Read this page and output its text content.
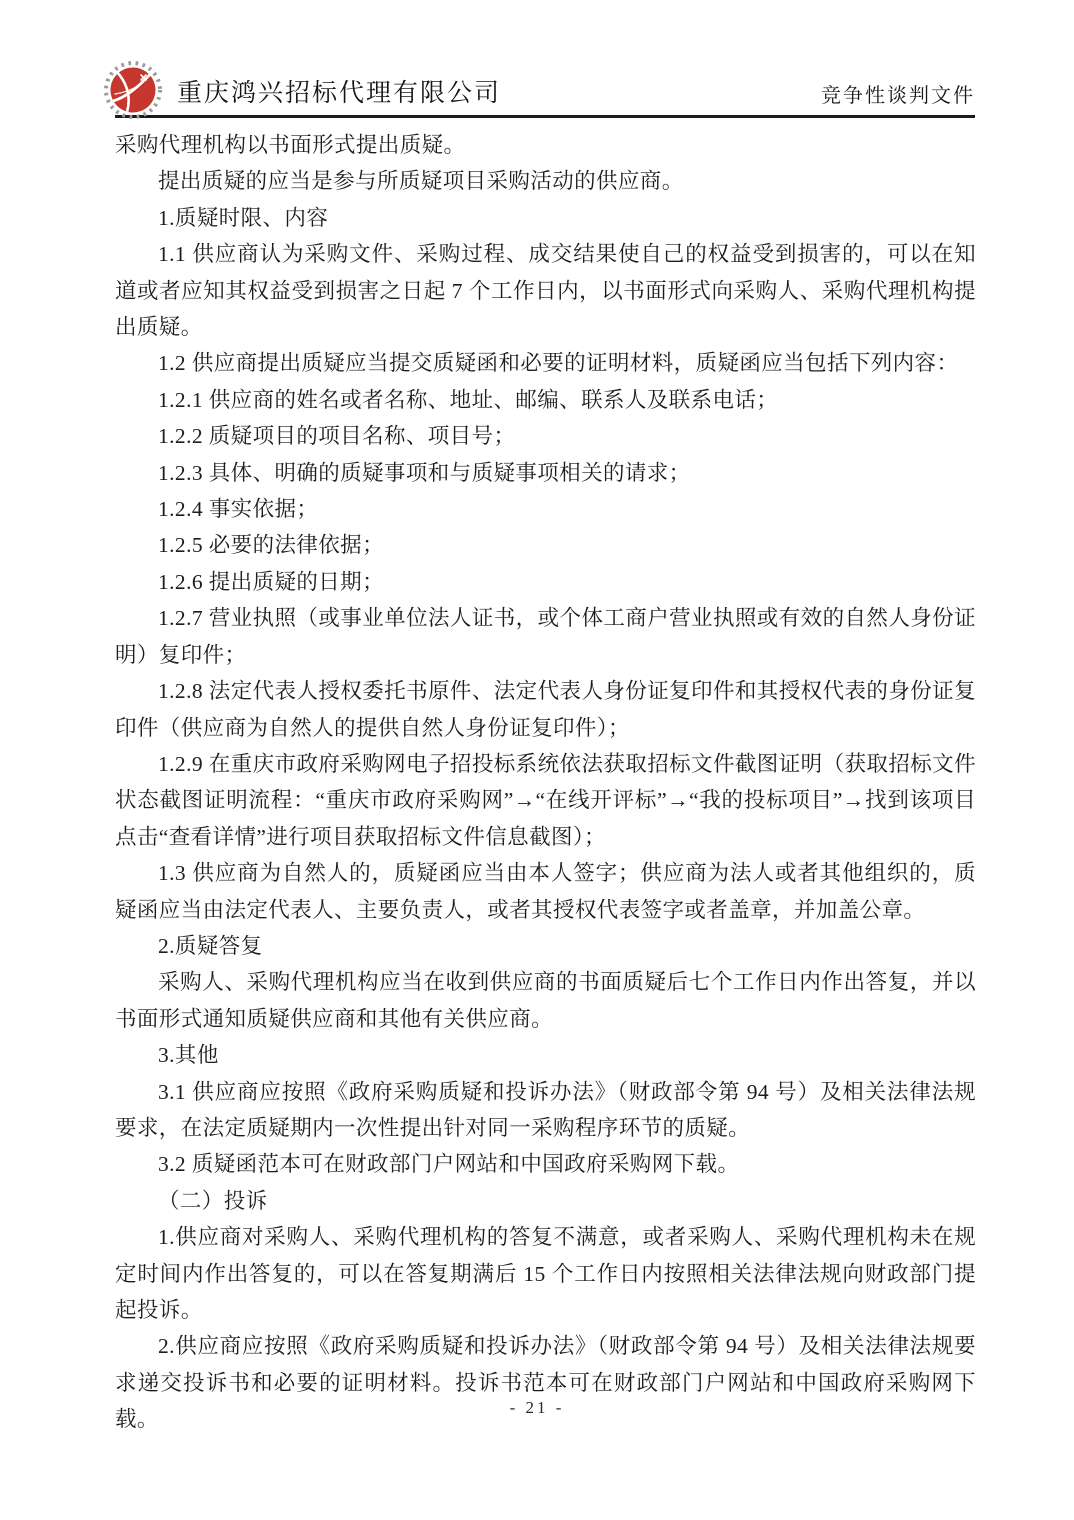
重庆鸿兴招标代理有限公司	竞争性谈判文件

采购代理机构以书面形式提出质疑。

提出质疑的应当是参与所质疑项目采购活动的供应商。

1.质疑时限、内容

1.1 供应商认为采购文件、采购过程、成交结果使自己的权益受到损害的，可以在知道或者应知其权益受到损害之日起 7 个工作日内，以书面形式向采购人、采购代理机构提出质疑。

1.2 供应商提出质疑应当提交质疑函和必要的证明材料，质疑函应当包括下列内容：

1.2.1 供应商的姓名或者名称、地址、邮编、联系人及联系电话；

1.2.2 质疑项目的项目名称、项目号；

1.2.3 具体、明确的质疑事项和与质疑事项相关的请求；

1.2.4 事实依据；

1.2.5 必要的法律依据；

1.2.6 提出质疑的日期；

1.2.7 营业执照（或事业单位法人证书，或个体工商户营业执照或有效的自然人身份证明）复印件；

1.2.8 法定代表人授权委托书原件、法定代表人身份证复印件和其授权代表的身份证复印件（供应商为自然人的提供自然人身份证复印件）；

1.2.9 在重庆市政府采购网电子招投标系统依法获取招标文件截图证明（获取招标文件状态截图证明流程：“重庆市政府采购网”→“在线开评标”→“我的投标项目”→找到该项目点击“查看详情”进行项目获取招标文件信息截图）；

1.3 供应商为自然人的，质疑函应当由本人签字；供应商为法人或者其他组织的，质疑函应当由法定代表人、主要负责人，或者其授权代表签字或者盖章，并加盖公章。

2.质疑答复

采购人、采购代理机构应当在收到供应商的书面质疑后七个工作日内作出答复，并以书面形式通知质疑供应商和其他有关供应商。

3.其他

3.1 供应商应按照《政府采购质疑和投诉办法》（财政部令第 94 号）及相关法律法规要求，在法定质疑期内一次性提出针对同一采购程序环节的质疑。

3.2 质疑函范本可在财政部门户网站和中国政府采购网下载。

（二）投诉

1.供应商对采购人、采购代理机构的答复不满意，或者采购人、采购代理机构未在规定时间内作出答复的，可以在答复期满后 15 个工作日内按照相关法律法规向财政部门提起投诉。

2.供应商应按照《政府采购质疑和投诉办法》（财政部令第 94 号）及相关法律法规要求递交投诉书和必要的证明材料。投诉书范本可在财政部门户网站和中国政府采购网下载。	- 21 -
